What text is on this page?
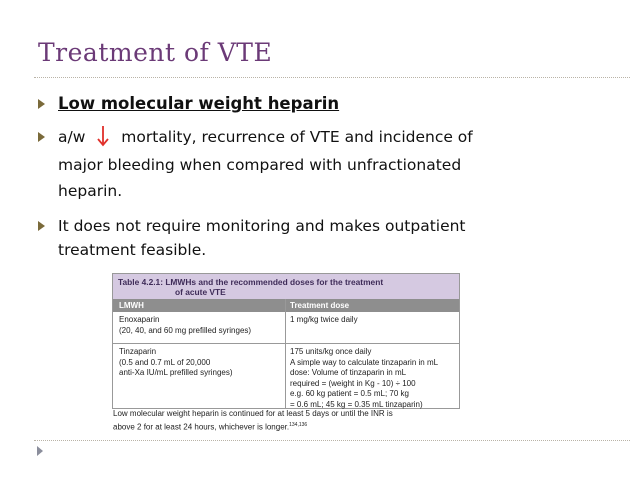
Treatment of VTE
Low molecular weight heparin
a/w mortality, recurrence of VTE and incidence of
major bleeding when compared with unfractionated
heparin.
It does not require monitoring and makes outpatient
treatment feasible.
Table 4.2.1: LMWHs and the recommended doses for the treatment
of acute VTE
LMWH	Treatment dose
Enoxaparin
(20, 40, and 60 mg prefilled syringes)
1 mg/kg twice daily
Tinzaparin
(0.5 and 0.7 mL of 20,000
anti-Xa IU/mL prefilled syringes)
175 units/kg once daily
A simple way to calculate tinzaparin in mL
dose: Volume of tinzaparin in mL
required = (weight in Kg - 10) ÷ 100
e.g. 60 kg patient = 0.5 mL; 70 kg
= 0.6 mL; 45 kg = 0.35 mL tinzaparin)
Low molecular weight heparin is continued for at least 5 days or until the INR is
above 2 for at least 24 hours, whichever is longer.$^{134,136}$
